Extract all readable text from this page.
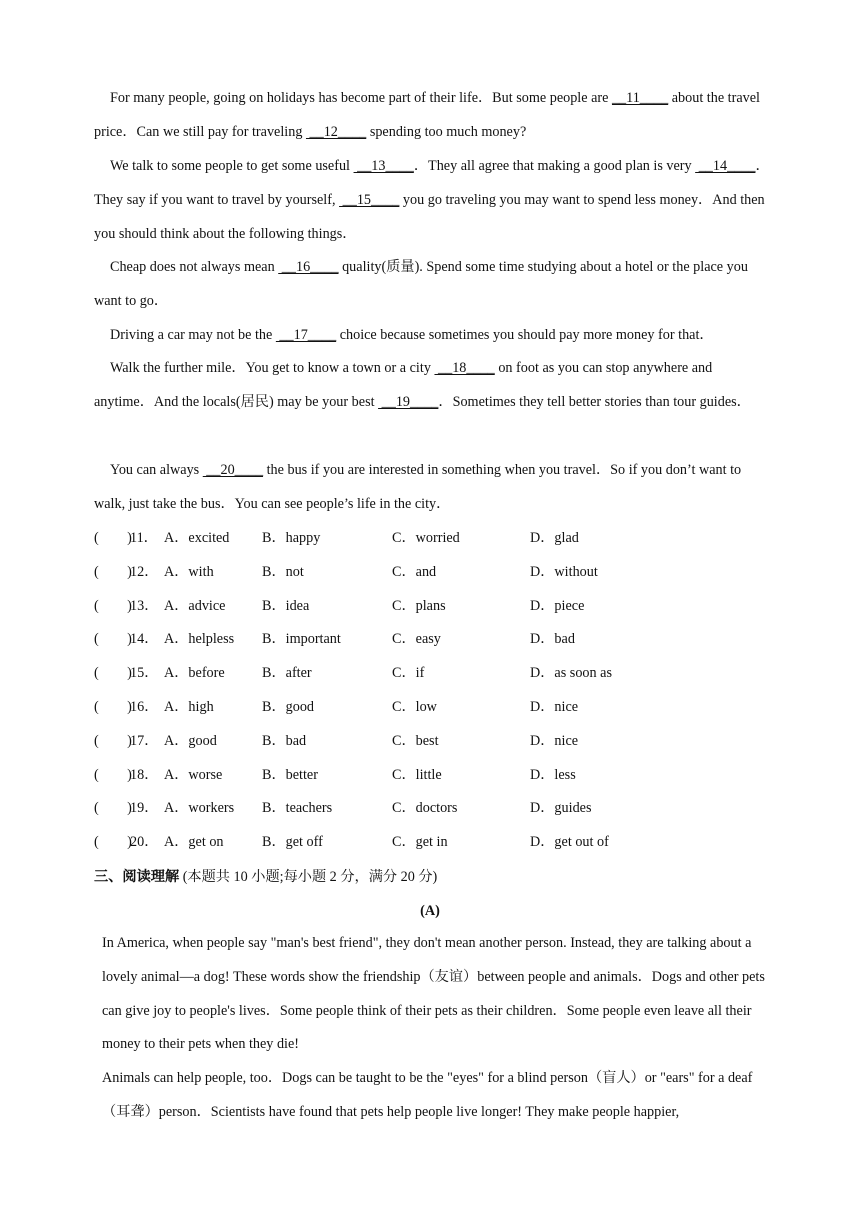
For many people, going on holidays has become part of their life．But some people are __11____ about the travel price．Can we still pay for traveling  __12____ spending too much money?

We talk to some people to get some useful  __13____．They all agree that making a good plan is very  __14____．They say if you want to travel by yourself,  __15____ you go traveling you may want to spend less money．And then you should think about the following things．

Cheap does not always mean  __16____ quality(质量). Spend some time studying about a hotel or the place you want to go．

Driving a car may not be the  __17____ choice because sometimes you should pay more money for that．

Walk the further mile．You get to know a town or a city  __18____ on foot as you can stop anywhere and anytime．And the locals(居民) may be your best  __19____．Sometimes they tell better stories than tour guides．

You can always  __20____ the bus if you are interested in something when you travel．So if you don’t want to walk, just take the bus．You can see people’s life in the city．

(        )
11． A．excited B．happy	C．worried	D．glad
(        )
12． A．with	B．not	C．and	D．without
(        )
13． A．advice	B．idea	C．plans	D．piece
(        )
14． A．helpless B．important	C．easy	D．bad
(        )
15． A．before	B．after	C．if	D．as soon as
(        )
16． A．high	B．good	C．low	D．nice
(        )
17． A．good	B．bad	C．best	D．nice
(        )
18． A．worse	B．better	C．little	D．less
(        )
19． A．workers B．teachers	C．doctors	D．guides
(        )
20． A．get on	B．get off	C．get in	D．get out of
三、阅读理解 (本题共 10 小题;每小题 2 分，满分 20 分)
(A)

In America, when people say "man's best friend", they don't mean another person. Instead, they are talking about a lovely animal—a dog! These words show the friendship（友谊）between people and animals．Dogs and other pets can give joy to people's lives．Some people think of their pets as their children．Some people even leave all their money to their pets when they die!

Animals can help people, too．Dogs can be taught to be the "eyes" for a blind person（盲人）or "ears" for a deaf（耳聋）person．Scientists have found that pets help people live longer! They make people happier,
